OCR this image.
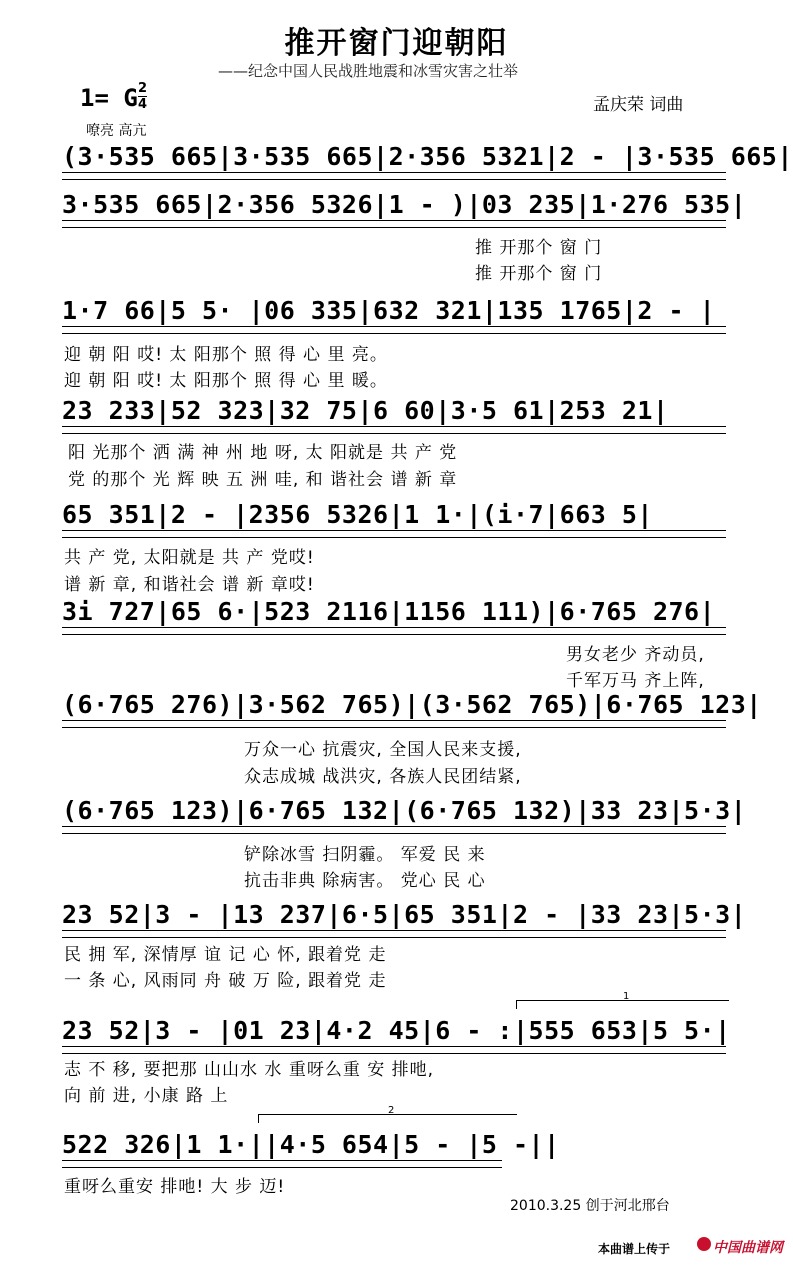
推开窗门迎朝阳
——纪念中国人民战胜地震和冰雪灾害之壮举
1= G 2
4
嘹亮 高亢
孟庆荣 词曲
(3·535 665|3·535 665|2·356 5321|2 - |3·535 665|
3·535 665|2·356 5326|1 - )|03 235|1·276 535|
推 开那个 窗 门
推 开那个 窗 门
1·7 66|5 5· |06 335|632 321|135 1765|2 - |
迎 朝 阳 哎! 太 阳那个 照 得 心 里 亮。
迎 朝 阳 哎! 太 阳那个 照 得 心 里 暖。
23 233|52 323|32 75|6 60|3·5 61|253 21|
阳 光那个 洒 满 神 州 地 呀, 太 阳就是 共 产 党
党 的那个 光 辉 映 五 洲 哇, 和 谐社会 谱 新 章
65 351|2 - |2356 5326|1 1·|(i·7|663 5|
共 产 党, 太阳就是 共 产 党哎!
谱 新 章, 和谐社会 谱 新 章哎!
3i 727|65 6·|523 2116|1156 111)|6·765 276|
男女老少 齐动员,
千军万马 齐上阵,
(6·765 276)|3·562 765)|(3·562 765)|6·765 123|
万众一心 抗震灾, 全国人民来支援,
众志成城 战洪灾, 各族人民团结紧,
(6·765 123)|6·765 132|(6·765 132)|33 23|5·3|
铲除冰雪 扫阴霾。 军爱 民 来
抗击非典 除病害。 党心 民 心
23 52|3 - |13 237|6·5|65 351|2 - |33 23|5·3|
民 拥 军, 深情厚 谊 记 心 怀, 跟着党 走
一 条 心, 风雨同 舟 破 万 险, 跟着党 走
1
23 52|3 - |01 23|4·2 45|6 - :|555 653|5 5·|
志 不 移, 要把那 山山水 水 重呀么重 安 排吔,
向 前 进, 小康 路 上
2
522 326|1 1·||4·5 654|5 - |5 -||
重呀么重安 排吔! 大 步 迈!
2010.3.25 创于河北邢台
本曲谱上传于	中国曲谱网
